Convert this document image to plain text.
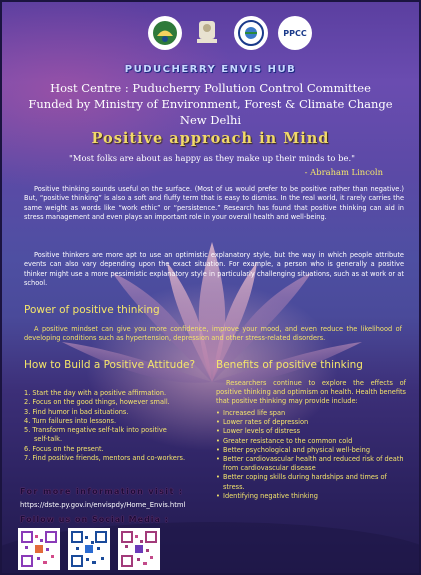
PPCC
PUDUCHERRY ENVIS HUB
Host Centre : Puducherry Pollution Control Committee
Funded by Ministry of Environment, Forest & Climate Change
New Delhi
Positive approach in Mind
"Most folks are about as happy as they make up their minds to be."
- Abraham Lincoln
Positive thinking sounds useful on the surface. (Most of us would prefer to be positive rather than negative.) But, “positive thinking” is also a soft and fluffy term that is easy to dismiss. In the real world, it rarely carries the same weight as words like “work ethic” or “persistence.” Research has found that positive thinking can aid in stress management and even plays an important role in your overall health and well-being.
Positive thinkers are more apt to use an optimistic explanatory style, but the way in which people attribute events can also vary depending upon the exact situation. For example, a person who is generally a positive thinker might use a more pessimistic explanatory style in particularly challenging situations, such as at work or at school.
Power of positive thinking
A positive mindset can give you more confidence, improve your mood, and even reduce the likelihood of developing conditions such as hypertension, depression and other stress-related disorders.
How to Build a Positive Attitude?
1. Start the day with a positive affirmation.
2. Focus on the good things, however small.
3. Find humor in bad situations.
4. Turn failures into lessons.
5. Transform negative self-talk into positive
self-talk.
6. Focus on the present.
7. Find positive friends, mentors and co-workers.
Benefits of positive thinking
Researchers continue to explore the effects of positive thinking and optimism on health. Health benefits that positive thinking may provide include:
• Increased life span
• Lower rates of depression
• Lower levels of distress
• Greater resistance to the common cold
• Better psychological and physical well-being
• Better cardiovascular health and reduced risk of death from cardiovascular disease
• Better coping skills during hardships and times of stress.
• Identifying negative thinking
For more information visit :
https://dste.py.gov.in/envispdy/Home_Envis.html
Follow us on Social Media :
